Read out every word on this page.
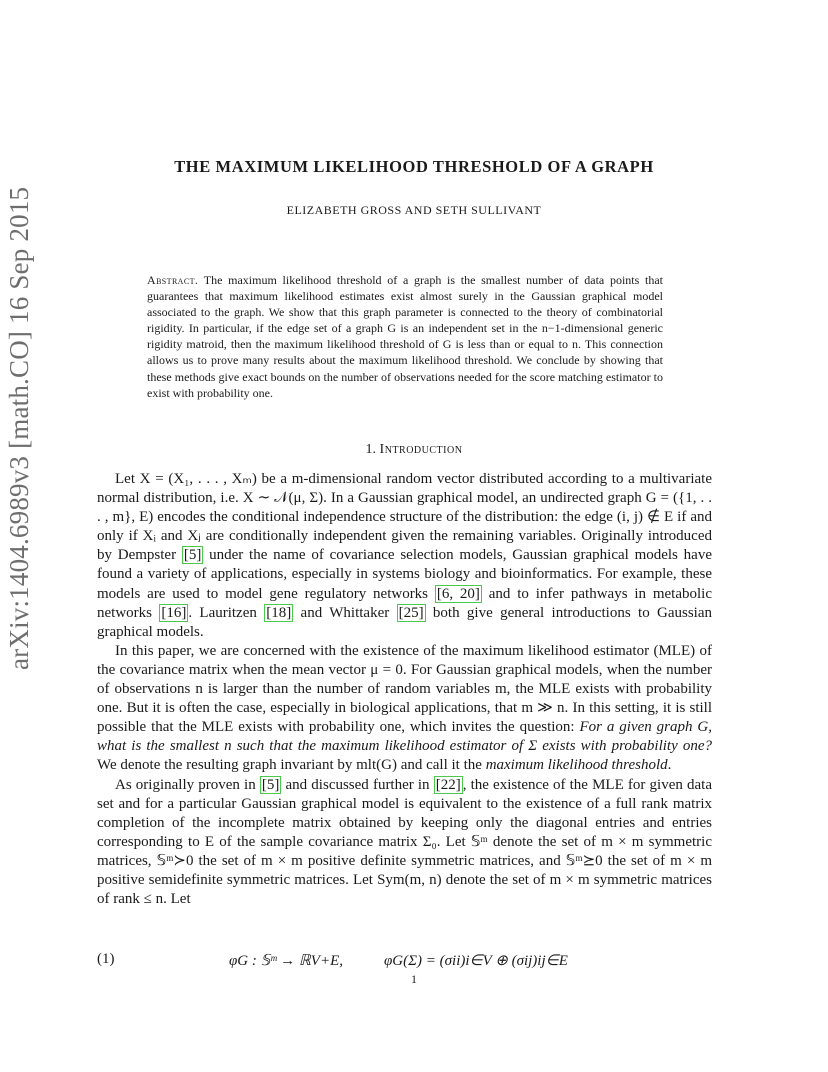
arXiv:1404.6989v3 [math.CO] 16 Sep 2015
THE MAXIMUM LIKELIHOOD THRESHOLD OF A GRAPH
ELIZABETH GROSS AND SETH SULLIVANT
Abstract. The maximum likelihood threshold of a graph is the smallest number of data points that guarantees that maximum likelihood estimates exist almost surely in the Gaussian graphical model associated to the graph. We show that this graph parameter is connected to the theory of combinatorial rigidity. In particular, if the edge set of a graph G is an independent set in the n−1-dimensional generic rigidity matroid, then the maximum likelihood threshold of G is less than or equal to n. This connection allows us to prove many results about the maximum likelihood threshold. We conclude by showing that these methods give exact bounds on the number of observations needed for the score matching estimator to exist with probability one.
1. Introduction

Let X = (X₁, . . . , Xₘ) be a m-dimensional random vector distributed according to a multivariate normal distribution, i.e. X ∼ 𝒩(μ, Σ). In a Gaussian graphical model, an undirected graph G = ({1, . . . , m}, E) encodes the conditional independence structure of the distribution: the edge (i, j) ∉ E if and only if Xᵢ and Xⱼ are conditionally independent given the remaining variables. Originally introduced by Dempster [5] under the name of covariance selection models, Gaussian graphical models have found a variety of applications, especially in systems biology and bioinformatics. For example, these models are used to model gene regulatory networks [6, 20] and to infer pathways in metabolic networks [16] . Lauritzen [18] and Whittaker [25] both give general introductions to Gaussian graphical models.

In this paper, we are concerned with the existence of the maximum likelihood estimator (MLE) of the covariance matrix when the mean vector μ = 0. For Gaussian graphical models, when the number of observations n is larger than the number of random variables m, the MLE exists with probability one. But it is often the case, especially in biological applications, that m ≫ n. In this setting, it is still possible that the MLE exists with probability one, which invites the question: For a given graph G, what is the smallest n such that the maximum likelihood estimator of Σ exists with probability one? We denote the resulting graph invariant by mlt(G) and call it the maximum likelihood threshold.

As originally proven in [5] and discussed further in [22] , the existence of the MLE for given data set and for a particular Gaussian graphical model is equivalent to the existence of a full rank matrix completion of the incomplete matrix obtained by keeping only the diagonal entries and entries corresponding to E of the sample covariance matrix Σ₀. Let 𝕊ᵐ denote the set of m × m symmetric matrices, 𝕊ᵐ≻0 the set of m × m positive definite symmetric matrices, and 𝕊ᵐ⪰0 the set of m × m positive semidefinite symmetric matrices. Let Sym(m, n) denote the set of m × m symmetric matrices of rank ≤ n. Let

(1)	φG : 𝕊ᵐ → ℝV+E,	φG(Σ) = (σii)i∈V ⊕ (σij)ij∈E
1
